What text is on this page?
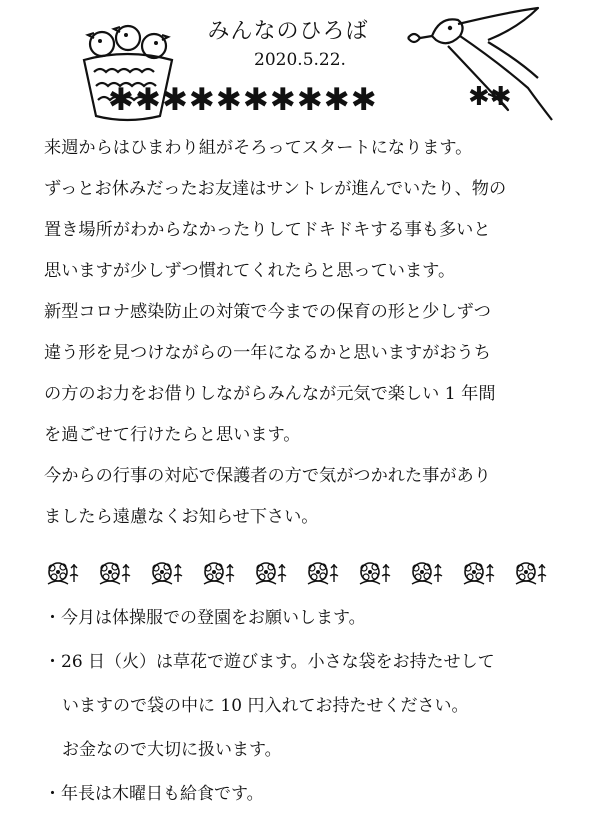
みんなのひろば
2020.5.22.
✱✱✱✱✱✱✱✱✱✱	✱✱
来週からはひまわり組がそろってスタートになります。
ずっとお休みだったお友達はサントレが進んでいたり、物の
置き場所がわからなかったりしてドキドキする事も多いと
思いますが少しずつ慣れてくれたらと思っています。
新型コロナ感染防止の対策で今までの保育の形と少しずつ
違う形を見つけながらの一年になるかと思いますがおうち
の方のお力をお借りしながらみんなが元気で楽しい 1 年間
を過ごせて行けたらと思います。
今からの行事の対応で保護者の方で気がつかれた事があり
ましたら遠慮なくお知らせ下さい。
・今月は体操服での登園をお願いします。
・26 日（火）は草花で遊びます。小さな袋をお持たせして
いますので袋の中に 10 円入れてお持たせください。
お金なので大切に扱います。
・年長は木曜日も給食です。
